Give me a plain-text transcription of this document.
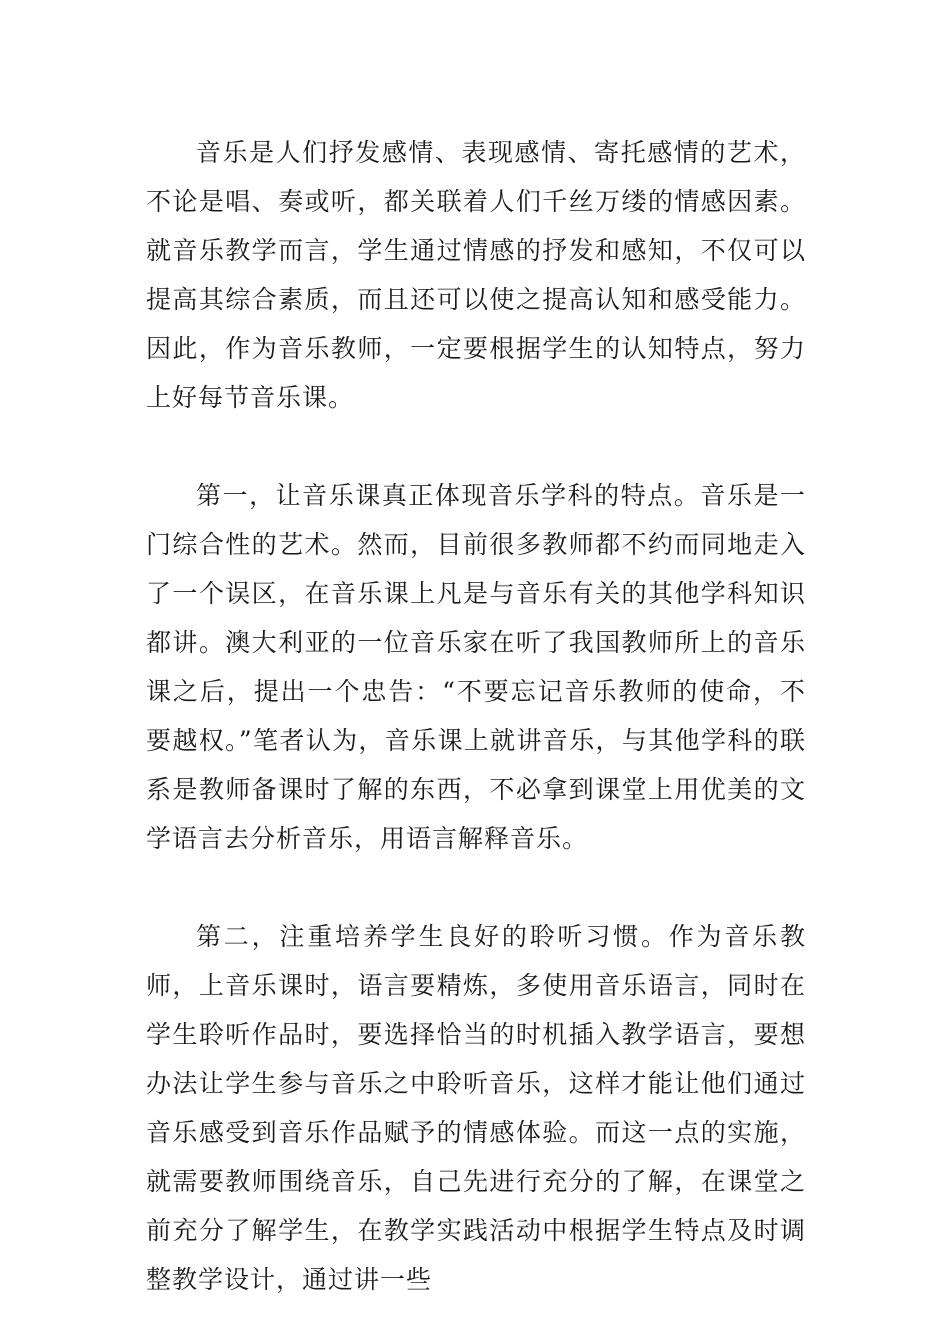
音乐是人们抒发感情、表现感情、寄托感情的艺术，不论是唱、奏或听，都关联着人们千丝万缕的情感因素。就音乐教学而言，学生通过情感的抒发和感知，不仅可以提高其综合素质，而且还可以使之提高认知和感受能力。因此，作为音乐教师，一定要根据学生的认知特点，努力上好每节音乐课。

第一，让音乐课真正体现音乐学科的特点。音乐是一门综合性的艺术。然而，目前很多教师都不约而同地走入了一个误区，在音乐课上凡是与音乐有关的其他学科知识都讲。澳大利亚的一位音乐家在听了我国教师所上的音乐课之后，提出一个忠告：“不要忘记音乐教师的使命，不要越权。”笔者认为，音乐课上就讲音乐，与其他学科的联系是教师备课时了解的东西，不必拿到课堂上用优美的文学语言去分析音乐，用语言解释音乐。

第二，注重培养学生良好的聆听习惯。作为音乐教师，上音乐课时，语言要精炼，多使用音乐语言，同时在学生聆听作品时，要选择恰当的时机插入教学语言，要想办法让学生参与音乐之中聆听音乐，这样才能让他们通过音乐感受到音乐作品赋予的情感体验。而这一点的实施，就需要教师围绕音乐，自己先进行充分的了解，在课堂之前充分了解学生，在教学实践活动中根据学生特点及时调整教学设计，通过讲一些
